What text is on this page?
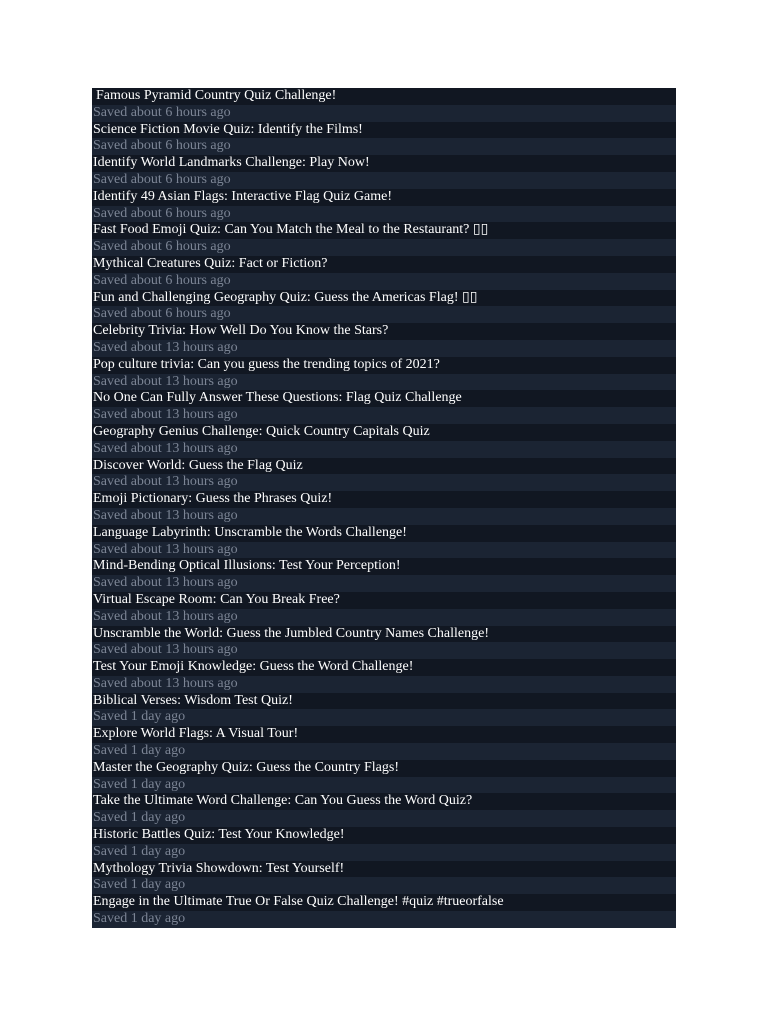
Famous Pyramid Country Quiz Challenge!
Saved about 6 hours ago
Science Fiction Movie Quiz: Identify the Films!
Saved about 6 hours ago
Identify World Landmarks Challenge: Play Now!
Saved about 6 hours ago
Identify 49 Asian Flags: Interactive Flag Quiz Game!
Saved about 6 hours ago
Fast Food Emoji Quiz: Can You Match the Meal to the Restaurant? ▯▯
Saved about 6 hours ago
Mythical Creatures Quiz: Fact or Fiction?
Saved about 6 hours ago
Fun and Challenging Geography Quiz: Guess the Americas Flag! ▯▯
Saved about 6 hours ago
Celebrity Trivia: How Well Do You Know the Stars?
Saved about 13 hours ago
Pop culture trivia: Can you guess the trending topics of 2021?
Saved about 13 hours ago
No One Can Fully Answer These Questions: Flag Quiz Challenge
Saved about 13 hours ago
Geography Genius Challenge: Quick Country Capitals Quiz
Saved about 13 hours ago
Discover World: Guess the Flag Quiz
Saved about 13 hours ago
Emoji Pictionary: Guess the Phrases Quiz!
Saved about 13 hours ago
Language Labyrinth: Unscramble the Words Challenge!
Saved about 13 hours ago
Mind-Bending Optical Illusions: Test Your Perception!
Saved about 13 hours ago
Virtual Escape Room: Can You Break Free?
Saved about 13 hours ago
Unscramble the World: Guess the Jumbled Country Names Challenge!
Saved about 13 hours ago
Test Your Emoji Knowledge: Guess the Word Challenge!
Saved about 13 hours ago
Biblical Verses: Wisdom Test Quiz!
Saved 1 day ago
Explore World Flags: A Visual Tour!
Saved 1 day ago
Master the Geography Quiz: Guess the Country Flags!
Saved 1 day ago
Take the Ultimate Word Challenge: Can You Guess the Word Quiz?
Saved 1 day ago
Historic Battles Quiz: Test Your Knowledge!
Saved 1 day ago
Mythology Trivia Showdown: Test Yourself!
Saved 1 day ago
Engage in the Ultimate True Or False Quiz Challenge! #quiz #trueorfalse
Saved 1 day ago
